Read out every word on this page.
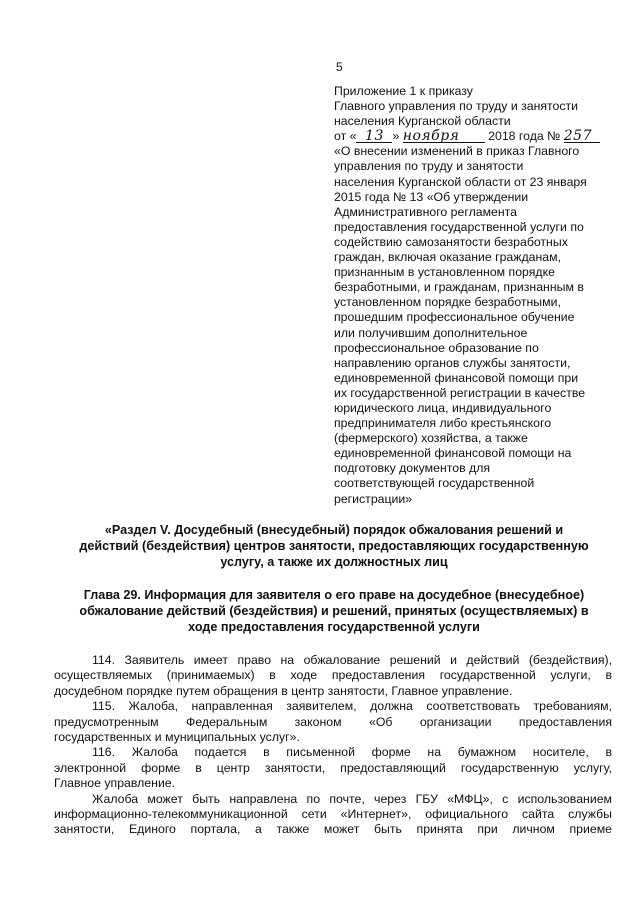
5
Приложение 1 к приказу
Главного управления по труду и занятости
населения Курганской области
от « 13 » ноября 2018 года № 257
«О внесении изменений в приказ Главного
управления по труду и занятости
населения Курганской области от 23 января
2015 года № 13 «Об утверждении
Административного регламента
предоставления государственной услуги по
содействию самозанятости безработных
граждан, включая оказание гражданам,
признанным в установленном порядке
безработными, и гражданам, признанным в
установленном порядке безработными,
прошедшим профессиональное обучение
или получившим дополнительное
профессиональное образование по
направлению органов службы занятости,
единовременной финансовой помощи при
их государственной регистрации в качестве
юридического лица, индивидуального
предпринимателя либо крестьянского
(фермерского) хозяйства, а также
единовременной финансовой помощи на
подготовку документов для
соответствующей государственной
регистрации»
«Раздел V. Досудебный (внесудебный) порядок обжалования решений и
действий (бездействия) центров занятости, предоставляющих государственную
услугу, а также их должностных лиц
Глава 29. Информация для заявителя о его праве на досудебное (внесудебное)
обжалование действий (бездействия) и решений, принятых (осуществляемых) в
ходе предоставления государственной услуги
114. Заявитель имеет право на обжалование решений и действий (бездействия),
осуществляемых (принимаемых) в ходе предоставления государственной услуги, в
досудебном порядке путем обращения в центр занятости, Главное управление.
115. Жалоба, направленная заявителем, должна соответствовать требованиям,
предусмотренным Федеральным законом «Об организации предоставления
государственных и муниципальных услуг».
116. Жалоба подается в письменной форме на бумажном носителе, в
электронной форме в центр занятости, предоставляющий государственную услугу,
Главное управление.
Жалоба может быть направлена по почте, через ГБУ «МФЦ», с использованием
информационно-телекоммуникационной сети «Интернет», официального сайта службы
занятости, Единого портала, а также может быть принята при личном приеме
